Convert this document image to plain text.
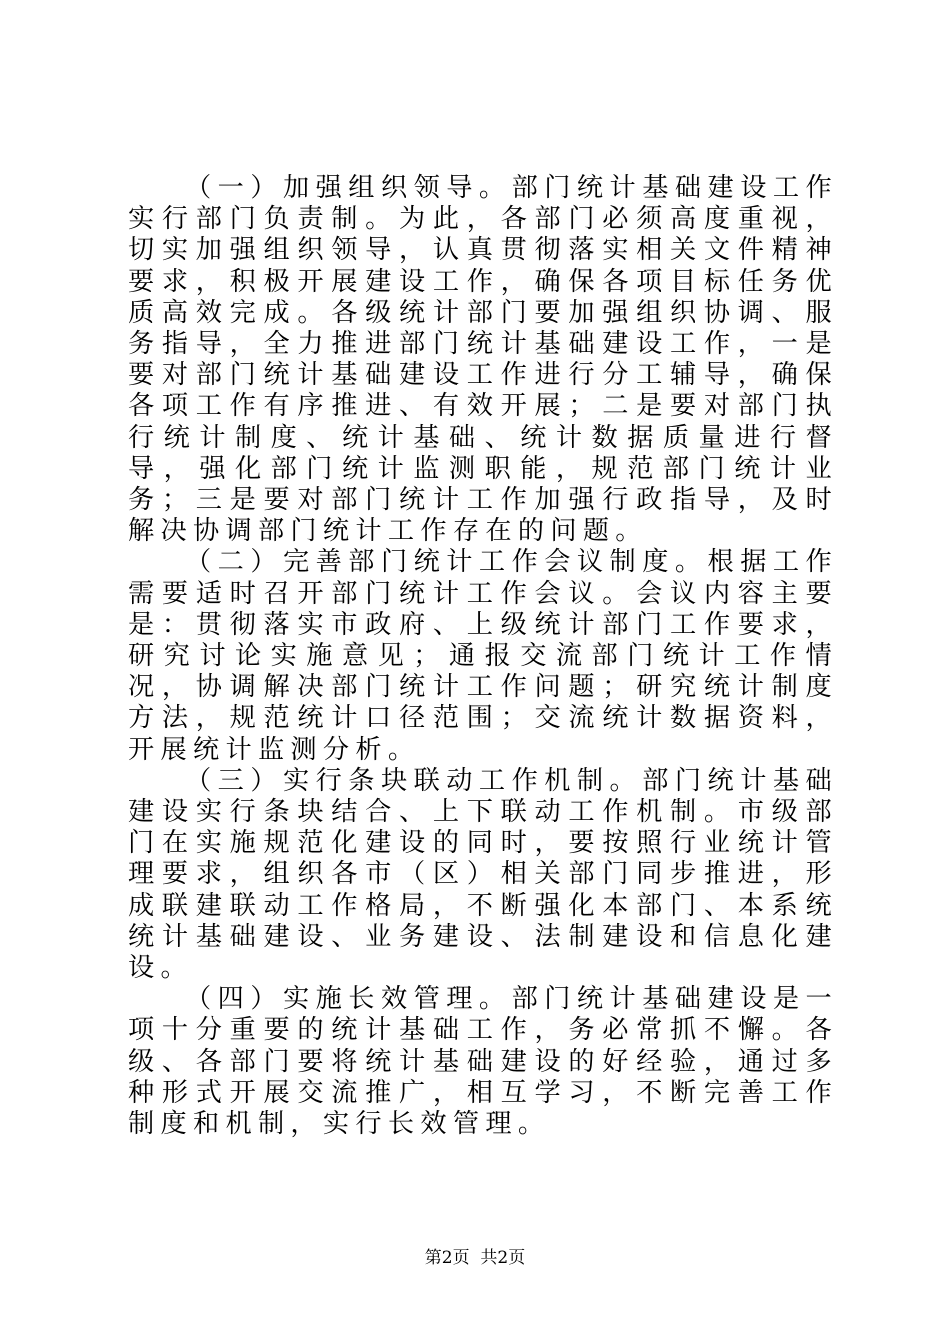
（一）加强组织领导。部门统计基础建设工作实行部门负责制。为此，各部门必须高度重视，切实加强组织领导，认真贯彻落实相关文件精神要求，积极开展建设工作，确保各项目标任务优质高效完成。各级统计部门要加强组织协调、服务指导，全力推进部门统计基础建设工作，一是要对部门统计基础建设工作进行分工辅导，确保各项工作有序推进、有效开展；二是要对部门执行统计制度、统计基础、统计数据质量进行督导，强化部门统计监测职能，规范部门统计业务；三是要对部门统计工作加强行政指导，及时解决协调部门统计工作存在的问题。

（二）完善部门统计工作会议制度。根据工作需要适时召开部门统计工作会议。会议内容主要是：贯彻落实市政府、上级统计部门工作要求，研究讨论实施意见；通报交流部门统计工作情况，协调解决部门统计工作问题；研究统计制度方法，规范统计口径范围；交流统计数据资料，开展统计监测分析。

（三）实行条块联动工作机制。部门统计基础建设实行条块结合、上下联动工作机制。市级部门在实施规范化建设的同时，要按照行业统计管理要求，组织各市（区）相关部门同步推进，形成联建联动工作格局，不断强化本部门、本系统统计基础建设、业务建设、法制建设和信息化建设。

（四）实施长效管理。部门统计基础建设是一项十分重要的统计基础工作，务必常抓不懈。各级、各部门要将统计基础建设的好经验，通过多种形式开展交流推广，相互学习，不断完善工作制度和机制，实行长效管理。

第2页  共2页
